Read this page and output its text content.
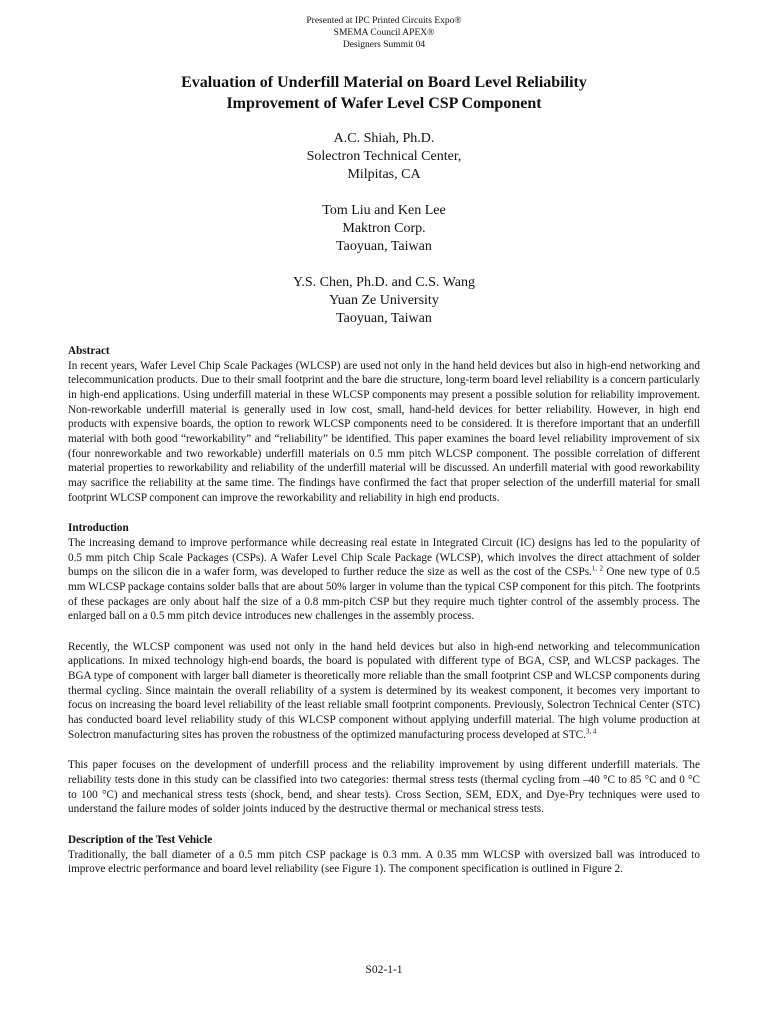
Presented at IPC Printed Circuits Expo®
SMEMA Council APEX®
Designers Summit 04
Evaluation of Underfill Material on Board Level Reliability
Improvement of Wafer Level CSP Component
A.C. Shiah, Ph.D.
Solectron Technical Center,
Milpitas, CA
Tom Liu and Ken Lee
Maktron Corp.
Taoyuan, Taiwan
Y.S. Chen, Ph.D. and C.S. Wang
Yuan Ze University
Taoyuan, Taiwan

Abstract

In recent years, Wafer Level Chip Scale Packages (WLCSP) are used not only in the hand held devices but also in high-end networking and telecommunication products. Due to their small footprint and the bare die structure, long-term board level reliability is a concern particularly in high-end applications. Using underfill material in these WLCSP components may present a possible solution for reliability improvement. Non-reworkable underfill material is generally used in low cost, small, hand-held devices for better reliability. However, in high end products with expensive boards, the option to rework WLCSP components need to be considered. It is therefore important that an underfill material with both good “reworkability” and “reliability” be identified. This paper examines the board level reliability improvement of six (four nonreworkable and two reworkable) underfill materials on 0.5 mm pitch WLCSP component. The possible correlation of different material properties to reworkability and reliability of the underfill material will be discussed. An underfill material with good reworkability may sacrifice the reliability at the same time. The findings have confirmed the fact that proper selection of the underfill material for small footprint WLCSP component can improve the reworkability and reliability in high end products.

Introduction

The increasing demand to improve performance while decreasing real estate in Integrated Circuit (IC) designs has led to the popularity of 0.5 mm pitch Chip Scale Packages (CSPs). A Wafer Level Chip Scale Package (WLCSP), which involves the direct attachment of solder bumps on the silicon die in a wafer form, was developed to further reduce the size as well as the cost of the CSPs.$^{1, 2}$ One new type of 0.5 mm WLCSP package contains solder balls that are about 50% larger in volume than the typical CSP component for this pitch. The footprints of these packages are only about half the size of a 0.8 mm-pitch CSP but they require much tighter control of the assembly process. The enlarged ball on a 0.5 mm pitch device introduces new challenges in the assembly process.

Recently, the WLCSP component was used not only in the hand held devices but also in high-end networking and telecommunication applications. In mixed technology high-end boards, the board is populated with different type of BGA, CSP, and WLCSP packages. The BGA type of component with larger ball diameter is theoretically more reliable than the small footprint CSP and WLCSP components during thermal cycling. Since maintain the overall reliability of a system is determined by its weakest component, it becomes very important to focus on increasing the board level reliability of the least reliable small footprint components. Previously, Solectron Technical Center (STC) has conducted board level reliability study of this WLCSP component without applying underfill material. The high volume production at Solectron manufacturing sites has proven the robustness of the optimized manufacturing process developed at STC.$^{3, 4}$

This paper focuses on the development of underfill process and the reliability improvement by using different underfill materials. The reliability tests done in this study can be classified into two categories: thermal stress tests (thermal cycling from –40 °C to 85 °C and 0 °C to 100 °C) and mechanical stress tests (shock, bend, and shear tests). Cross Section, SEM, EDX, and Dye-Pry techniques were used to understand the failure modes of solder joints induced by the destructive thermal or mechanical stress tests.

Description of the Test Vehicle

Traditionally, the ball diameter of a 0.5 mm pitch CSP package is 0.3 mm. A 0.35 mm WLCSP with oversized ball was introduced to improve electric performance and board level reliability (see Figure 1). The component specification is outlined in Figure 2.

S02-1-1
